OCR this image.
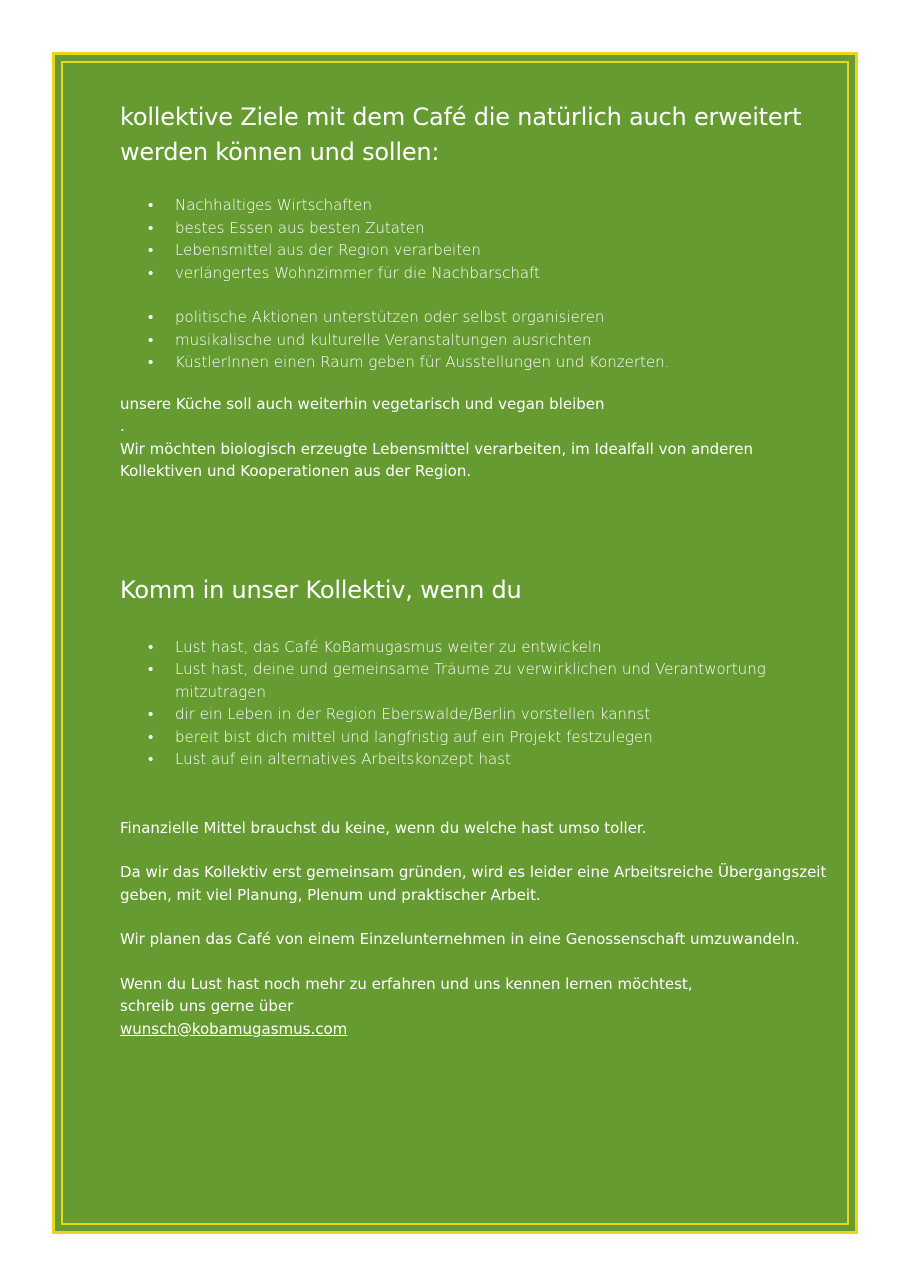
kollektive Ziele mit dem Café die natürlich auch erweitert
werden können und sollen:
• Nachhaltiges Wirtschaften
• bestes Essen aus besten Zutaten
• Lebensmittel aus der Region verarbeiten
• verlängertes Wohnzimmer für die Nachbarschaft
• politische Aktionen unterstützen oder selbst organisieren
• musikalische und kulturelle Veranstaltungen ausrichten
• KüstlerInnen einen Raum geben für Ausstellungen und Konzerten.

unsere Küche soll auch weiterhin vegetarisch und vegan bleiben
.
Wir möchten biologisch erzeugte Lebensmittel verarbeiten, im Idealfall von anderen
Kollektiven und Kooperationen aus der Region.

Komm in unser Kollektiv, wenn du
• Lust hast, das Café KoBamugasmus weiter zu entwickeln
• Lust hast, deine und gemeinsame Träume zu verwirklichen und Verantwortung
mitzutragen
• dir ein Leben in der Region Eberswalde/Berlin vorstellen kannst
• bereit bist dich mittel und langfristig auf ein Projekt festzulegen
• Lust auf ein alternatives Arbeitskonzept hast

Finanzielle Mittel brauchst du keine, wenn du welche hast umso toller.

Da wir das Kollektiv erst gemeinsam gründen, wird es leider eine Arbeitsreiche Übergangszeit
geben, mit viel Planung, Plenum und praktischer Arbeit.

Wir planen das Café von einem Einzelunternehmen in eine Genossenschaft umzuwandeln.

Wenn du Lust hast noch mehr zu erfahren und uns kennen lernen möchtest,
schreib uns gerne über
wunsch@kobamugasmus.com
